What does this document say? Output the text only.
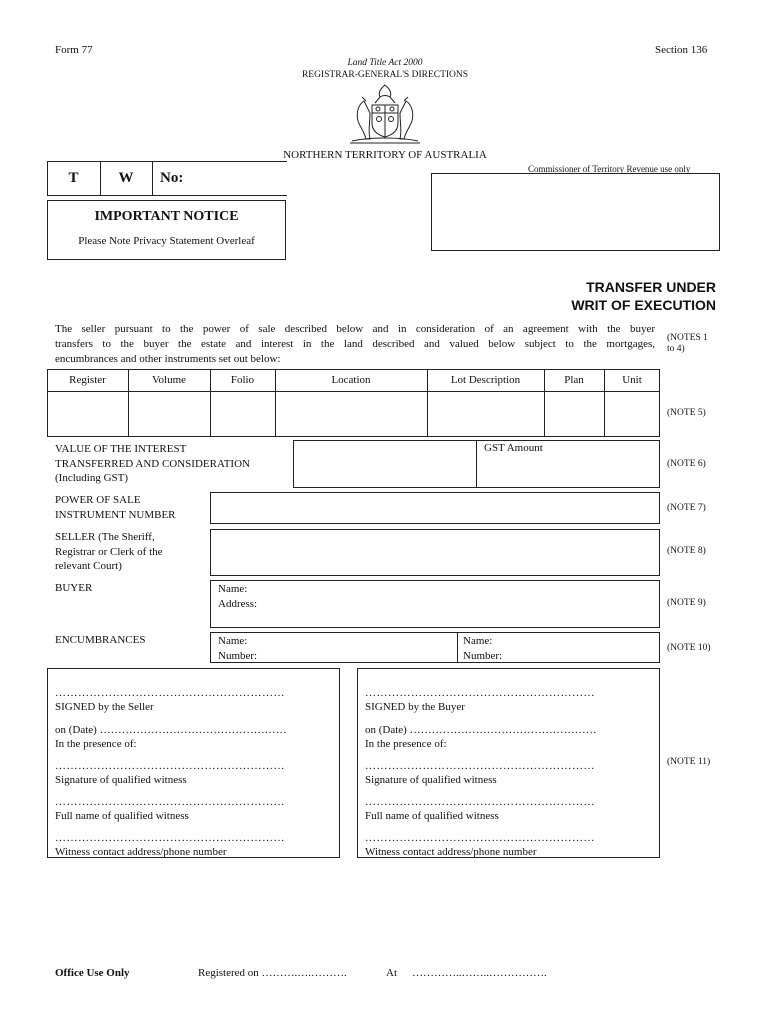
Form 77	Section 136
Land Title Act 2000
REGISTRAR-GENERAL'S DIRECTIONS
NORTHERN TERRITORY OF AUSTRALIA
Commissioner of Territory Revenue use only
T	W	No:
IMPORTANT NOTICE
Please Note Privacy Statement Overleaf
TRANSFER UNDER
WRIT OF EXECUTION
The seller pursuant to the power of sale described below and in consideration of an agreement with the buyer
transfers to the buyer the estate and interest in the land described and valued below subject to the mortgages,
encumbrances and other instruments set out below:
(NOTES 1
to 4)
Register	Volume	Folio	Location	Lot Description	Plan	Unit
(NOTE 5)
VALUE OF THE INTEREST
TRANSFERRED AND CONSIDERATION
(Including GST)
GST Amount
(NOTE 6)
POWER OF SALE
INSTRUMENT NUMBER
(NOTE 7)
SELLER (The Sheriff,
Registrar or Clerk of the
relevant Court)
(NOTE 8)
BUYER	Name:
Address:	(NOTE 9)
ENCUMBRANCES	Name:
Number:
Name:
Number:
(NOTE 10)
……………………………………………………
SIGNED by the Seller
on (Date) ……………………………………………
In the presence of:
……………………………………………………
Signature of qualified witness
……………………………………………………
Full name of qualified witness
……………………………………………………
Witness contact address/phone number
……………………………………………………
SIGNED by the Buyer
on (Date) ……………………………………………
In the presence of:
……………………………………………………
Signature of qualified witness
……………………………………………………
Full name of qualified witness
……………………………………………………
Witness contact address/phone number
(NOTE 11)
Office Use Only	Registered on ……….….……….	At …………..……..…………….
